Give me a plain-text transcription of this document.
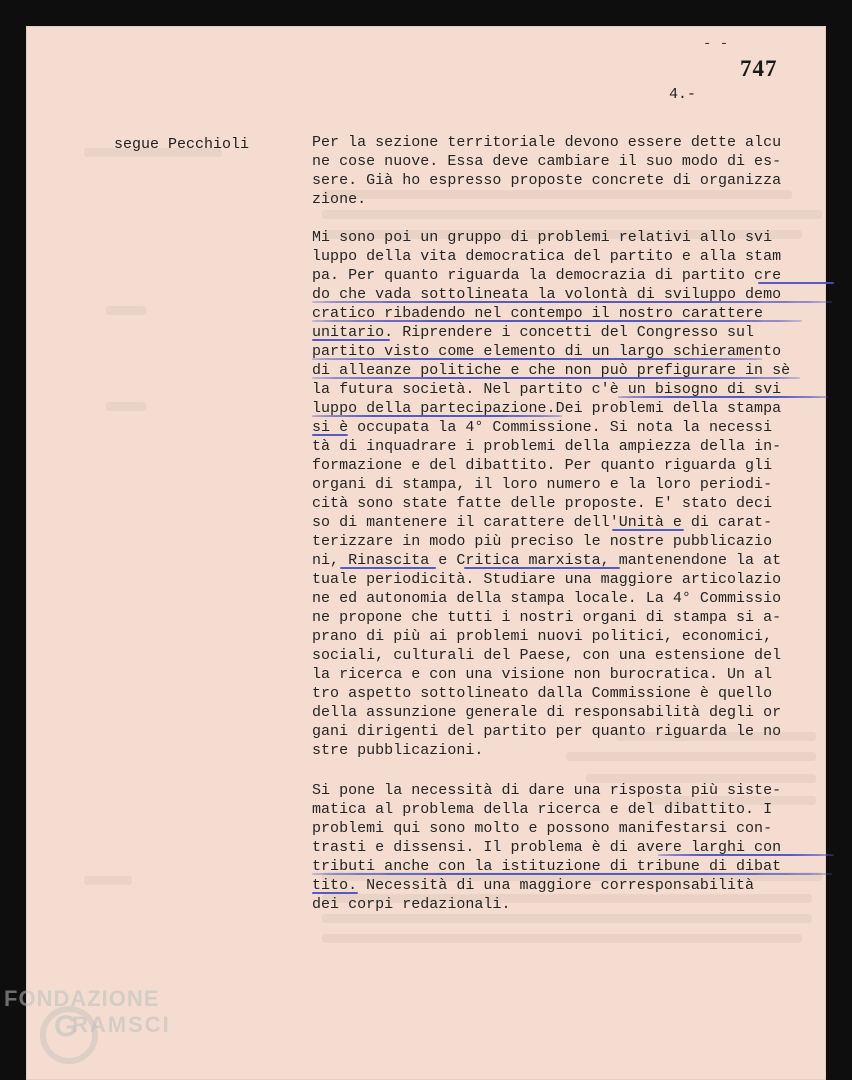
- -
747
4.-
segue Pecchioli	Per la sezione territoriale devono essere dette alcu
ne cose nuove. Essa deve cambiare il suo modo di es-
sere. Già ho espresso proposte concrete di organizza
zione.
Mi sono poi un gruppo di problemi relativi allo svi
luppo della vita democratica del partito e alla stam
pa. Per quanto riguarda la democrazia di partito cre
do che vada sottolineata la volontà di sviluppo demo
cratico ribadendo nel contempo il nostro carattere
unitario. Riprendere i concetti del Congresso sul
partito visto come elemento di un largo schieramento
di alleanze politiche e che non può prefigurare in sè
la futura società. Nel partito c'è un bisogno di svi
luppo della partecipazione.Dei problemi della stampa
si è occupata la 4° Commissione. Si nota la necessi
tà di inquadrare i problemi della ampiezza della in-
formazione e del dibattito. Per quanto riguarda gli
organi di stampa, il loro numero e la loro periodi-
cità sono state fatte delle proposte. E' stato deci
so di mantenere il carattere dell'Unità e di carat-
terizzare in modo più preciso le nostre pubblicazio
ni, Rinascita e Critica marxista, mantenendone la at
tuale periodicità. Studiare una maggiore articolazio
ne ed autonomia della stampa locale. La 4° Commissio
ne propone che tutti i nostri organi di stampa si a-
prano di più ai problemi nuovi politici, economici,
sociali, culturali del Paese, con una estensione del
la ricerca e con una visione non burocratica. Un al
tro aspetto sottolineato dalla Commissione è quello
della assunzione generale di responsabilità degli or
gani dirigenti del partito per quanto riguarda le no
stre pubblicazioni.
Si pone la necessità di dare una risposta più siste-
matica al problema della ricerca e del dibattito. I
problemi qui sono molto e possono manifestarsi con-
trasti e dissensi. Il problema è di avere larghi con
tributi anche con la istituzione di tribune di dibat
tito. Necessità di una maggiore corresponsabilità
dei corpi redazionali.
FONDAZIONE
G
RAMSCI
